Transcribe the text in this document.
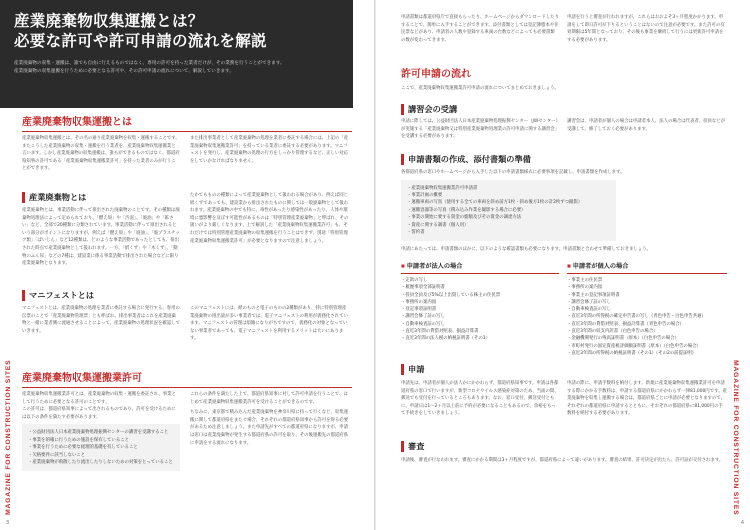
産業廃棄物収集運搬とは？
必要な許可や許可申請の流れを解説
産業廃棄物の収集・運搬は、誰でも自由に行えるものではなく、専用の許可を持った業者だけが、その業務を行うことができます。
産業廃棄物の収集運搬を行うために必要となる許可や、その許可申請の流れについて、解説していきます。
産業廃棄物収集運搬とは
産業廃棄物収集運搬とは、その名の通り産業廃棄物を収集・運搬することです。またこうした産業廃棄物の収集・運搬を行う業者を、産業廃棄物収集運搬業と言います。しかし産業廃棄物の収集運搬は、誰もができるものではなく、都道府県知事の許可である「産業廃棄物収集運搬業許可」を持った業者のみが行うことができます。
また排出事業者として産業廃棄物の処理を業者に委託する場合には、上記の「産業廃棄物収集運搬業許可」を持っている業者に委託する必要があります。マニフェストを発行し、産業廃棄物の処理の行方をしっかり管理するなど、正しい対応をしていかなければなりません。
産業廃棄物とは
産業廃棄物とは、事業活動に伴って排出された廃棄物のことです。その種類は廃棄物処理法によって定められており、「燃え殻」や「汚泥」、「廃油」や「鉱さい」など、全部で20種類に分類されています。事業活動に伴って排出されるという部分がポイントになりますが、例えば「燃え殻」や「廃油」、「廃プラスチック類」「ばいじん」など12種類は、どのような事業活動であったとしても、排出された時点で産業廃棄物として扱われます。一方、「紙くず」や「木くず」、「動物のふん尿」などの7種は、建設業に係る事業活動で排出された場合などに限り産業廃棄物となります。
たかてもものの種類によって産業廃棄物として扱われる場合があり、例えば同じ紙くずであっても、建設業から排出されたものに関しては一般廃棄物として扱われます。産業廃棄物の中でも特に、毒性があったり感染性があったり、人体や環境に悪影響を及ぼす可能性があるものは「特別管理産業廃棄物」と呼ばれ、その扱いがより厳しくなります。上で解説した「産業廃棄物収集運搬業許可」も、それだけでは特別管理産業廃棄物の収集運搬を行うことはできず、別途「特別管理産業廃棄物収集運搬業許可」が必要となりますので注意しましょう。
マニフェストとは
マニフェストとは、産業廃棄物の処理を業者に委託する場合に発行する、専用の伝票のことで「産業廃棄物管理票」とも呼ばれ、排出事業者はこれを産業廃棄物と一緒に業者側に流通させることによって、産業廃棄物の処理状況を確認していきます。
このマニフェストには、紙のものと電子のものの2種類があり、特に特別管理産業廃棄物の排出量が多い事業者では、電子マニフェストの利用が義務化されています。マニフェストの管理は煩雑になりがちですので、義務化の対象となっていない事業者であっても、電子マニフェストを利用するメリットは大いにあります。
産業廃棄物収集運搬業許可
産業廃棄物収集運搬業許可とは、産業廃棄物の収集・運搬を委託され、事業として行うために必要となる許可のことです。
この許可は、都道府県知事によって出されるものであり、許可を受けるためには以下の条件を満たす必要があります。
・公益財団法人日本産業廃棄物処理振興センターの講習を受講すること
・事業を的確に行うための施設を保有していること
・事業を行うために必要な経理的基礎を有していること
・欠格要件に該当しないこと
・産業廃棄物が飛散したり流出したりしないための対策をとっていること
これらの条件を満たした上で、都道府県知事に対して許可申請を行うことで、はじめて産業廃棄物収集運搬業許可を受けることができるのです。
ちなみに、東京都で積み込んだ産業廃棄物を神奈川県に持って行くなど、収集運搬に関して都道府県をまたぐ場合、それぞれの都道府県知事から許可を得る必要があるため注意しましょう。また申請先がすべての都道府県になりますが、申請は窓口は産業廃棄物が発生する都道府県の許可を取り、その後運搬先の都道府県に申請をする流れになります。
3
申請書類は都道府県庁で直接もらったり、ホームページからダウンロードしたりすることで、簡単に入手することができます。添付書類としては登記簿謄本や住民票などがあり、申請者の人数や登録する車両の台数などによっても必要書類の数が変わってきます。
申請を行うと審査が行われますが、これらはおおよそ3ヶ月程度かかります。申請をして即日許可が下りるということはないので注意が必要です。また許可の有効期限は5年間となっており、その後も事業を継続して行うには更新許可申請をする必要があります。
許可申請の流れ
ここで、産業廃棄物収集運搬業許可申請の流れについてまとめておきましょう。
講習会の受講
申請に際しては、公益財団法人日本産業廃棄物処理振興センター（JWセンター）が実施する「産業廃棄物又は特別産業廃棄物処理業の許可申請に関する講習会」を受講する必要があります。
講習会は、申請者が個人の場合は申請者本人、法人の場合は代表者、役員などが受講して、修了しておく必要があります。
申請書類の作成、添付書類の準備
各都道府県の窓口やホームページから入手した以下の申請書類様式に必要事項を記載し、申請書類を作成します。
・産業廃棄物収集運搬業許可申請書
・事業計画の概要
・運搬車両の写真（使用する全ての車両を斜め前方1枚・斜め後方1枚の計2枚ずつ撮影）
・運搬容器等の写真（積み込み作業を撮影する場合に必要）
・事業の開始に要する資金の総額及びその資金の調達方法
・資産に関する調書（個人用）
・誓約書
申請にあたっては、申請書類のほかに、以下のような確認書類も必要になります。申請書類と合わせて準備しておきましょう。
■ 申請者が法人の場合
・定款の写し
・履歴事項全部証明書
・役員全員及び5%以上出資している株主の住民票
・事務所の案内図
・登記事項証明書
・講習会修了証の写し
・自動車検査証の写し
・直近3年間の貸借対照表、損益計算書
・直近3年間の法人税の納税証明書（その1）
■ 申請者が個人の場合
・事業主の住民票
・事務所の案内図
・事業主の登記事項証明書
・講習会修了証の写し
・自動車検査証の写し
・直近3年間の所得税の確定申告書の写し（青色申告・白色申告共通）
・直近3年間の貸借対照表、損益計算書（青色申告の場合）
・直近3年間の収支内訳書（白色申告の場合）
・金融機関発行の残高証明書（原本）（白色申告の場合）
・市町村発行の固定資産税評価額証明書（原本）（白色申告の場合）
・直近3年間の所得税の納税証明書（その1）（その2の前提証明）
申請
申請先は、申請者が個人か法人かにかかわらず、都道府県知事です。申請は各都道府県の窓口で行いますが、新型コロナウイルス感染症対策のため、当面の間、郵送でも受付を行っているところもあります。なお、窓口受付、郵送受付ともに、申請日は1～2ヶ月以上前に予約が必要になることもあるので、余裕をもって手続きをしていきましょう。
申請の際に、申請手数料を納付します。新規に産業廃棄物収集運搬業許可を申請する際にかかる手数料は、申請する都道府県にかかわらず一律81,000円です。産業廃棄物を収集し運搬する場合は、都道府県ごとに申請が必要となりますので、それぞれの都道府県に申請するとともに、それぞれの都道府県に81,000円の手数料を納付する必要があります。
審査
申請後、審査が行なわれます。審査にかかる期間は3ヶ月程度ですが、都道府県によって違いがあります。審査の結果、許可決定が出たら、許可証が交付されます。
4
MAGAZINE FOR CONSTRUCTION SITES	MAGAZINE FOR CONSTRUCTION SITES
